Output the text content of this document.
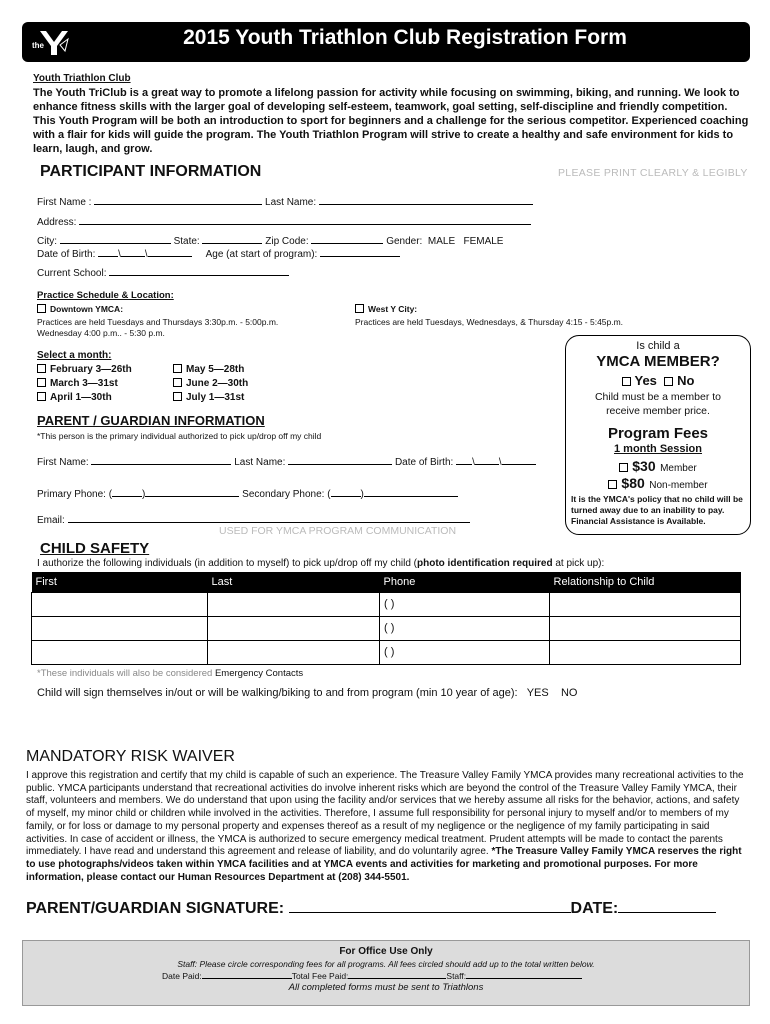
the	2015 Youth Triathlon Club Registration Form
Youth Triathlon Club
The Youth TriClub is a great way to promote a lifelong passion for activity while focusing on swimming, biking, and running. We look to enhance fitness skills with the larger goal of developing self-esteem, teamwork, goal setting, self-discipline and friendly competition. This Youth Program will be both an introduction to sport for beginners and a challenge for the serious competitor. Experienced coaching with a flair for kids will guide the program. The Youth Triathlon Program will strive to create a healthy and safe environment for kids to learn, laugh, and grow.
PARTICIPANT INFORMATION	PLEASE PRINT CLEARLY & LEGIBLY
First Name :	Last Name:
Address:
City:	State:	Zip Code:	Gender: MALE FEMALE
Date of Birth: \ \	Age (at start of program):
Current School:
Practice Schedule & Location:
Downtown YMCA:
Practices are held Tuesdays and Thursdays 3:30p.m. - 5:00p.m.
Wednesday 4:00 p.m.. - 5:30 p.m.
West Y City:
Practices are held Tuesdays, Wednesdays, & Thursday 4:15 - 5:45p.m.
Select a month:
February 3—26th
March 3—31st
April 1—30th
May 5—28th
June 2—30th
July 1—31st
Is child a
YMCA MEMBER?
Yes No
Child must be a member to receive member price.
Program Fees
1 month Session
$30 Member
$80 Non-member
It is the YMCA's policy that no child will be turned away due to an inability to pay. Financial Assistance is Available.
PARENT / GUARDIAN INFORMATION
*This person is the primary individual authorized to pick up/drop off my child
First Name:	Last Name:	Date of Birth: \ \
Primary Phone: (	)	Secondary Phone: (	)
Email:
USED FOR YMCA PROGRAM COMMUNICATION
CHILD SAFETY
I authorize the following individuals (in addition to myself) to pick up/drop off my child (photo identification required at pick up):
First	Last	Phone	Relationship to Child
		( )	
		( )	
		( )	
*These individuals will also be considered Emergency Contacts
Child will sign themselves in/out or will be walking/biking to and from program (min 10 year of age): YES NO
MANDATORY RISK WAIVER
I approve this registration and certify that my child is capable of such an experience. The Treasure Valley Family YMCA provides many recreational activities to the public. YMCA participants understand that recreational activities do involve inherent risks which are beyond the control of the Treasure Valley Family YMCA, their staff, volunteers and members. We do understand that upon using the facility and/or services that we hereby assume all risks for the behavior, actions, and safety of myself, my minor child or children while involved in the activities. Therefore, I assume full responsibility for personal injury to myself and/or to members of my family, or for loss or damage to my personal property and expenses thereof as a result of my negligence or the negligence of my family participating in said activities. In case of accident or illness, the YMCA is authorized to secure emergency medical treatment. Prudent attempts will be made to contact the parents immediately. I have read and understand this agreement and release of liability, and do voluntarily agree. *The Treasure Valley Family YMCA reserves the right to use photographs/videos taken within YMCA facilities and at YMCA events and activities for marketing and promotional purposes. For more information, please contact our Human Resources Department at (208) 344-5501.
PARENT/GUARDIAN SIGNATURE:	DATE:
For Office Use Only
Staff: Please circle corresponding fees for all programs. All fees circled should add up to the total written below.
Date Paid:	Total Fee Paid:	Staff:
All completed forms must be sent to Triathlons
